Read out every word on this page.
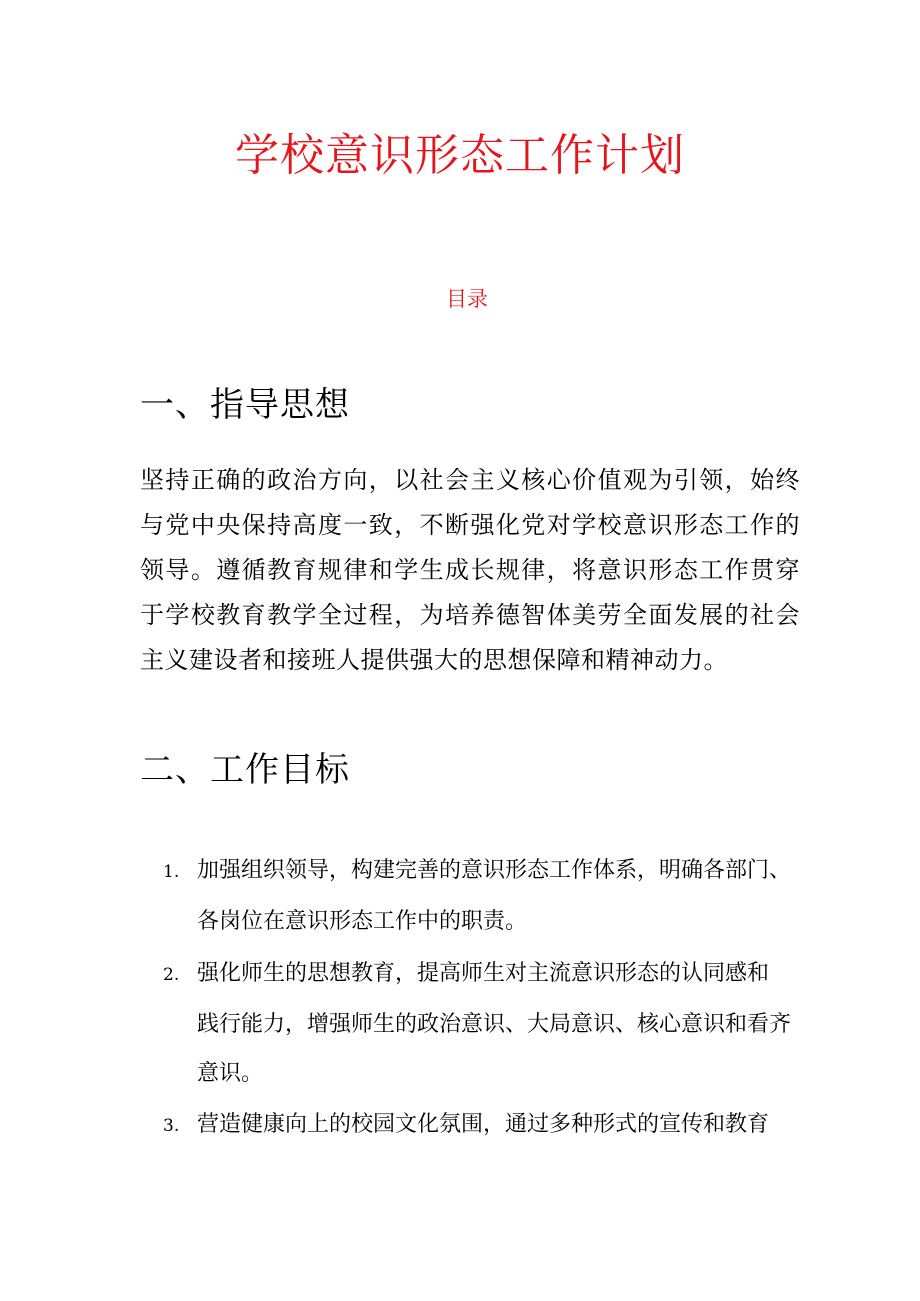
学校意识形态工作计划
目录
一、指导思想

坚持正确的政治方向，以社会主义核心价值观为引领，始终与党中央保持高度一致，不断强化党对学校意识形态工作的领导。遵循教育规律和学生成长规律，将意识形态工作贯穿于学校教育教学全过程，为培养德智体美劳全面发展的社会主义建设者和接班人提供强大的思想保障和精神动力。

二、工作目标
1. 加强组织领导，构建完善的意识形态工作体系，明确各部门、
各岗位在意识形态工作中的职责。
2. 强化师生的思想教育，提高师生对主流意识形态的认同感和
践行能力，增强师生的政治意识、大局意识、核心意识和看齐意识。
3. 营造健康向上的校园文化氛围，通过多种形式的宣传和教育
